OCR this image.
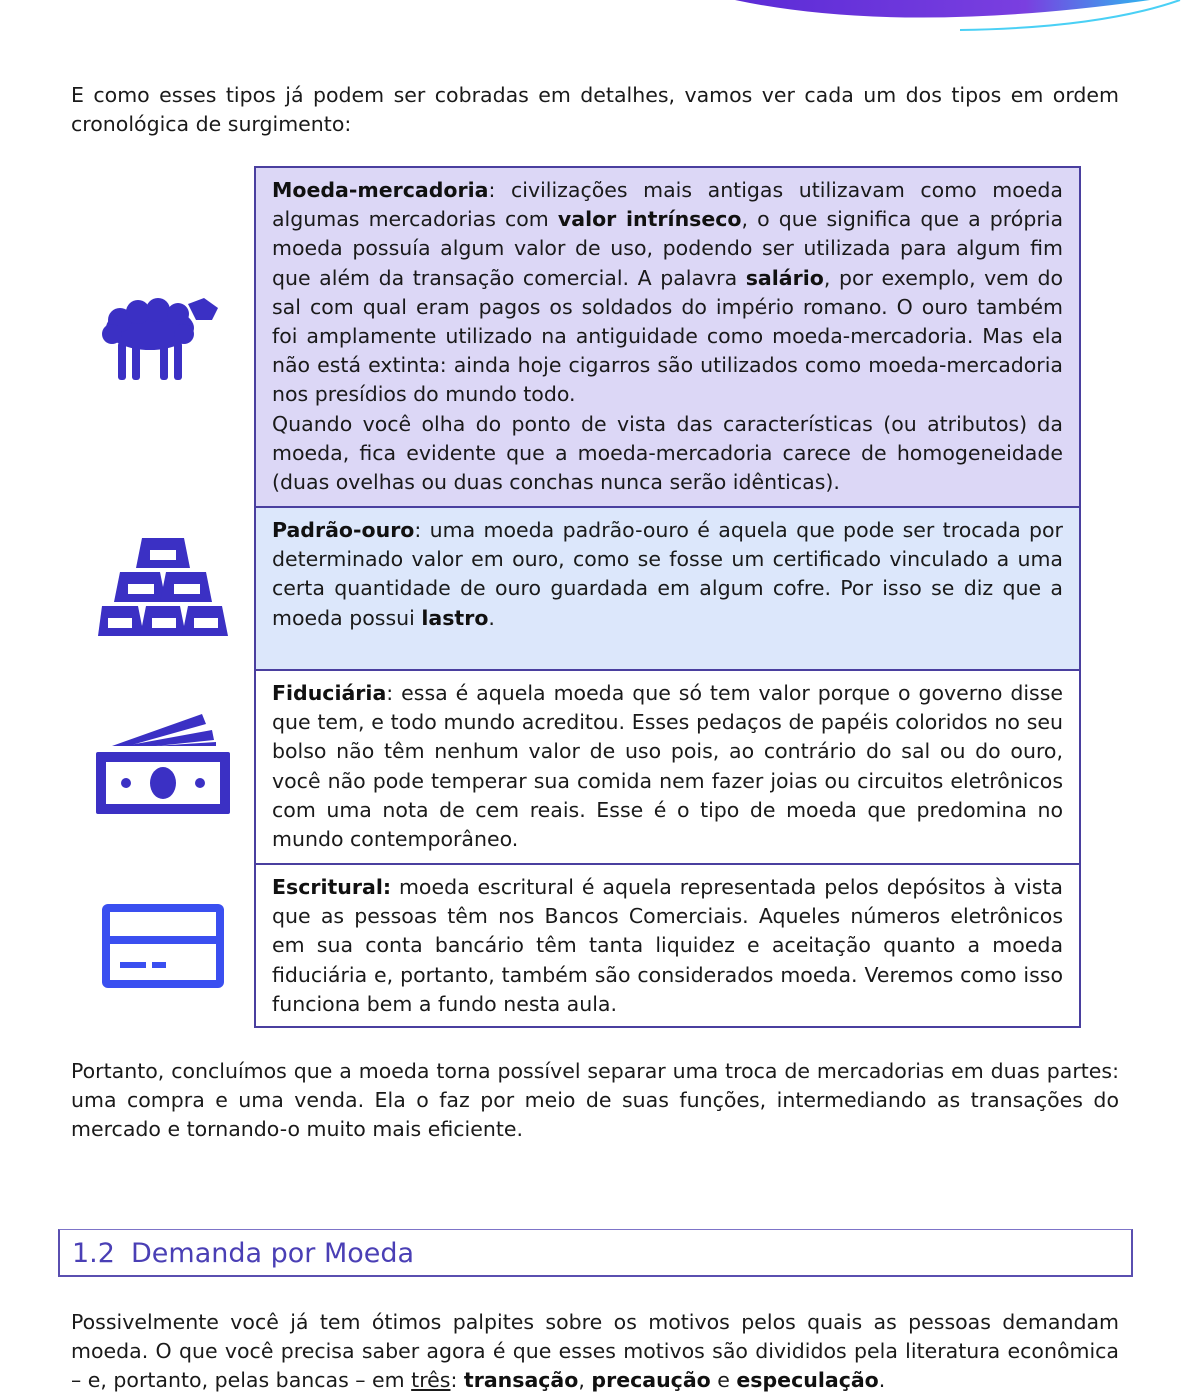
E como esses tipos já podem ser cobradas em detalhes, vamos ver cada um dos tipos em ordem cronológica de surgimento:

Moeda-mercadoria: civilizações mais antigas utilizavam como moeda algumas mercadorias com valor intrínseco, o que significa que a própria moeda possuía algum valor de uso, podendo ser utilizada para algum fim que além da transação comercial. A palavra salário, por exemplo, vem do sal com qual eram pagos os soldados do império romano. O ouro também foi amplamente utilizado na antiguidade como moeda-mercadoria. Mas ela não está extinta: ainda hoje cigarros são utilizados como moeda-mercadoria nos presídios do mundo todo.

Quando você olha do ponto de vista das características (ou atributos) da moeda, fica evidente que a moeda-mercadoria carece de homogeneidade (duas ovelhas ou duas conchas nunca serão idênticas).

Padrão-ouro: uma moeda padrão-ouro é aquela que pode ser trocada por determinado valor em ouro, como se fosse um certificado vinculado a uma certa quantidade de ouro guardada em algum cofre. Por isso se diz que a moeda possui lastro.

Fiduciária: essa é aquela moeda que só tem valor porque o governo disse que tem, e todo mundo acreditou. Esses pedaços de papéis coloridos no seu bolso não têm nenhum valor de uso pois, ao contrário do sal ou do ouro, você não pode temperar sua comida nem fazer joias ou circuitos eletrônicos com uma nota de cem reais. Esse é o tipo de moeda que predomina no mundo contemporâneo.

Escritural: moeda escritural é aquela representada pelos depósitos à vista que as pessoas têm nos Bancos Comerciais. Aqueles números eletrônicos em sua conta bancário têm tanta liquidez e aceitação quanto a moeda fiduciária e, portanto, também são considerados moeda. Veremos como isso funciona bem a fundo nesta aula.

Portanto, concluímos que a moeda torna possível separar uma troca de mercadorias em duas partes: uma compra e uma venda. Ela o faz por meio de suas funções, intermediando as transações do mercado e tornando-o muito mais eficiente.

1.2 Demanda por Moeda

Possivelmente você já tem ótimos palpites sobre os motivos pelos quais as pessoas demandam moeda. O que você precisa saber agora é que esses motivos são divididos pela literatura econômica – e, portanto, pelas bancas – em três: transação, precaução e especulação.
